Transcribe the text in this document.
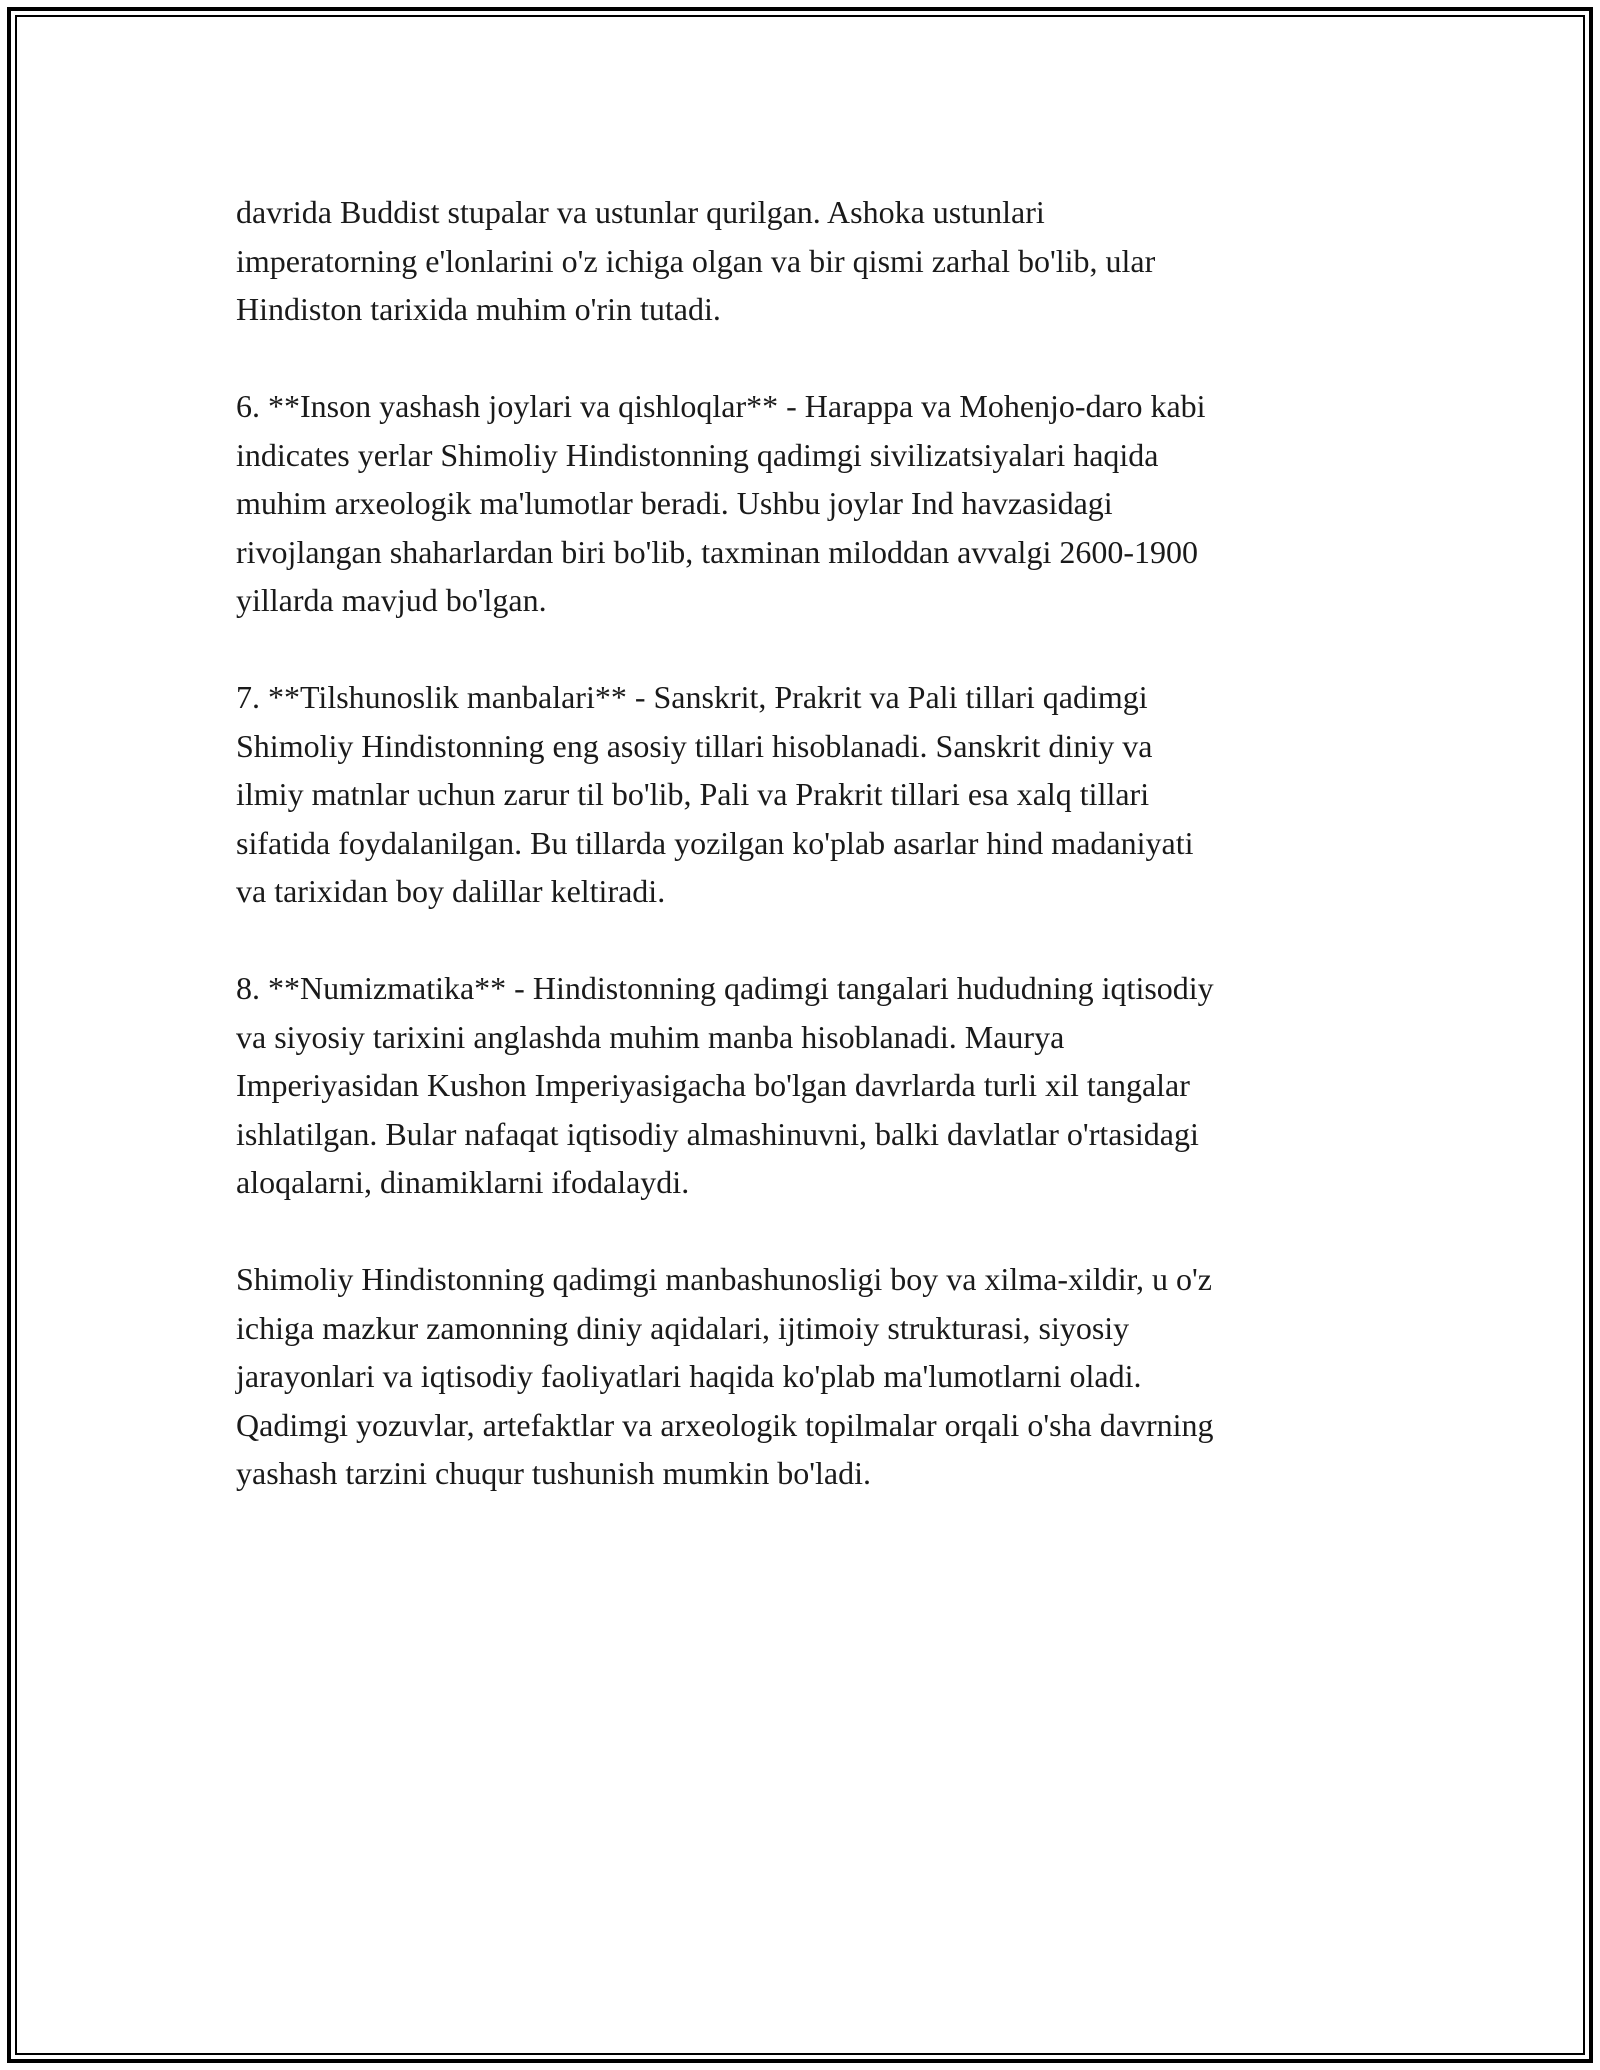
davrida Buddist stupalar va ustunlar qurilgan. Ashoka ustunlari
imperatorning e'lonlarini o'z ichiga olgan va bir qismi zarhal bo'lib, ular
Hindiston tarixida muhim o'rin tutadi.

6. **Inson yashash joylari va qishloqlar** - Harappa va Mohenjo-daro kabi
indicates yerlar Shimoliy Hindistonning qadimgi sivilizatsiyalari haqida
muhim arxeologik ma'lumotlar beradi. Ushbu joylar Ind havzasidagi
rivojlangan shaharlardan biri bo'lib, taxminan miloddan avvalgi 2600-1900
yillarda mavjud bo'lgan.

7. **Tilshunoslik manbalari** - Sanskrit, Prakrit va Pali tillari qadimgi
Shimoliy Hindistonning eng asosiy tillari hisoblanadi. Sanskrit diniy va
ilmiy matnlar uchun zarur til bo'lib, Pali va Prakrit tillari esa xalq tillari
sifatida foydalanilgan. Bu tillarda yozilgan ko'plab asarlar hind madaniyati
va tarixidan boy dalillar keltiradi.

8. **Numizmatika** - Hindistonning qadimgi tangalari hududning iqtisodiy
va siyosiy tarixini anglashda muhim manba hisoblanadi. Maurya
Imperiyasidan Kushon Imperiyasigacha bo'lgan davrlarda turli xil tangalar
ishlatilgan. Bular nafaqat iqtisodiy almashinuvni, balki davlatlar o'rtasidagi
aloqalarni, dinamiklarni ifodalaydi.

Shimoliy Hindistonning qadimgi manbashunosligi boy va xilma-xildir, u o'z
ichiga mazkur zamonning diniy aqidalari, ijtimoiy strukturasi, siyosiy
jarayonlari va iqtisodiy faoliyatlari haqida ko'plab ma'lumotlarni oladi.
Qadimgi yozuvlar, artefaktlar va arxeologik topilmalar orqali o'sha davrning
yashash tarzini chuqur tushunish mumkin bo'ladi.
